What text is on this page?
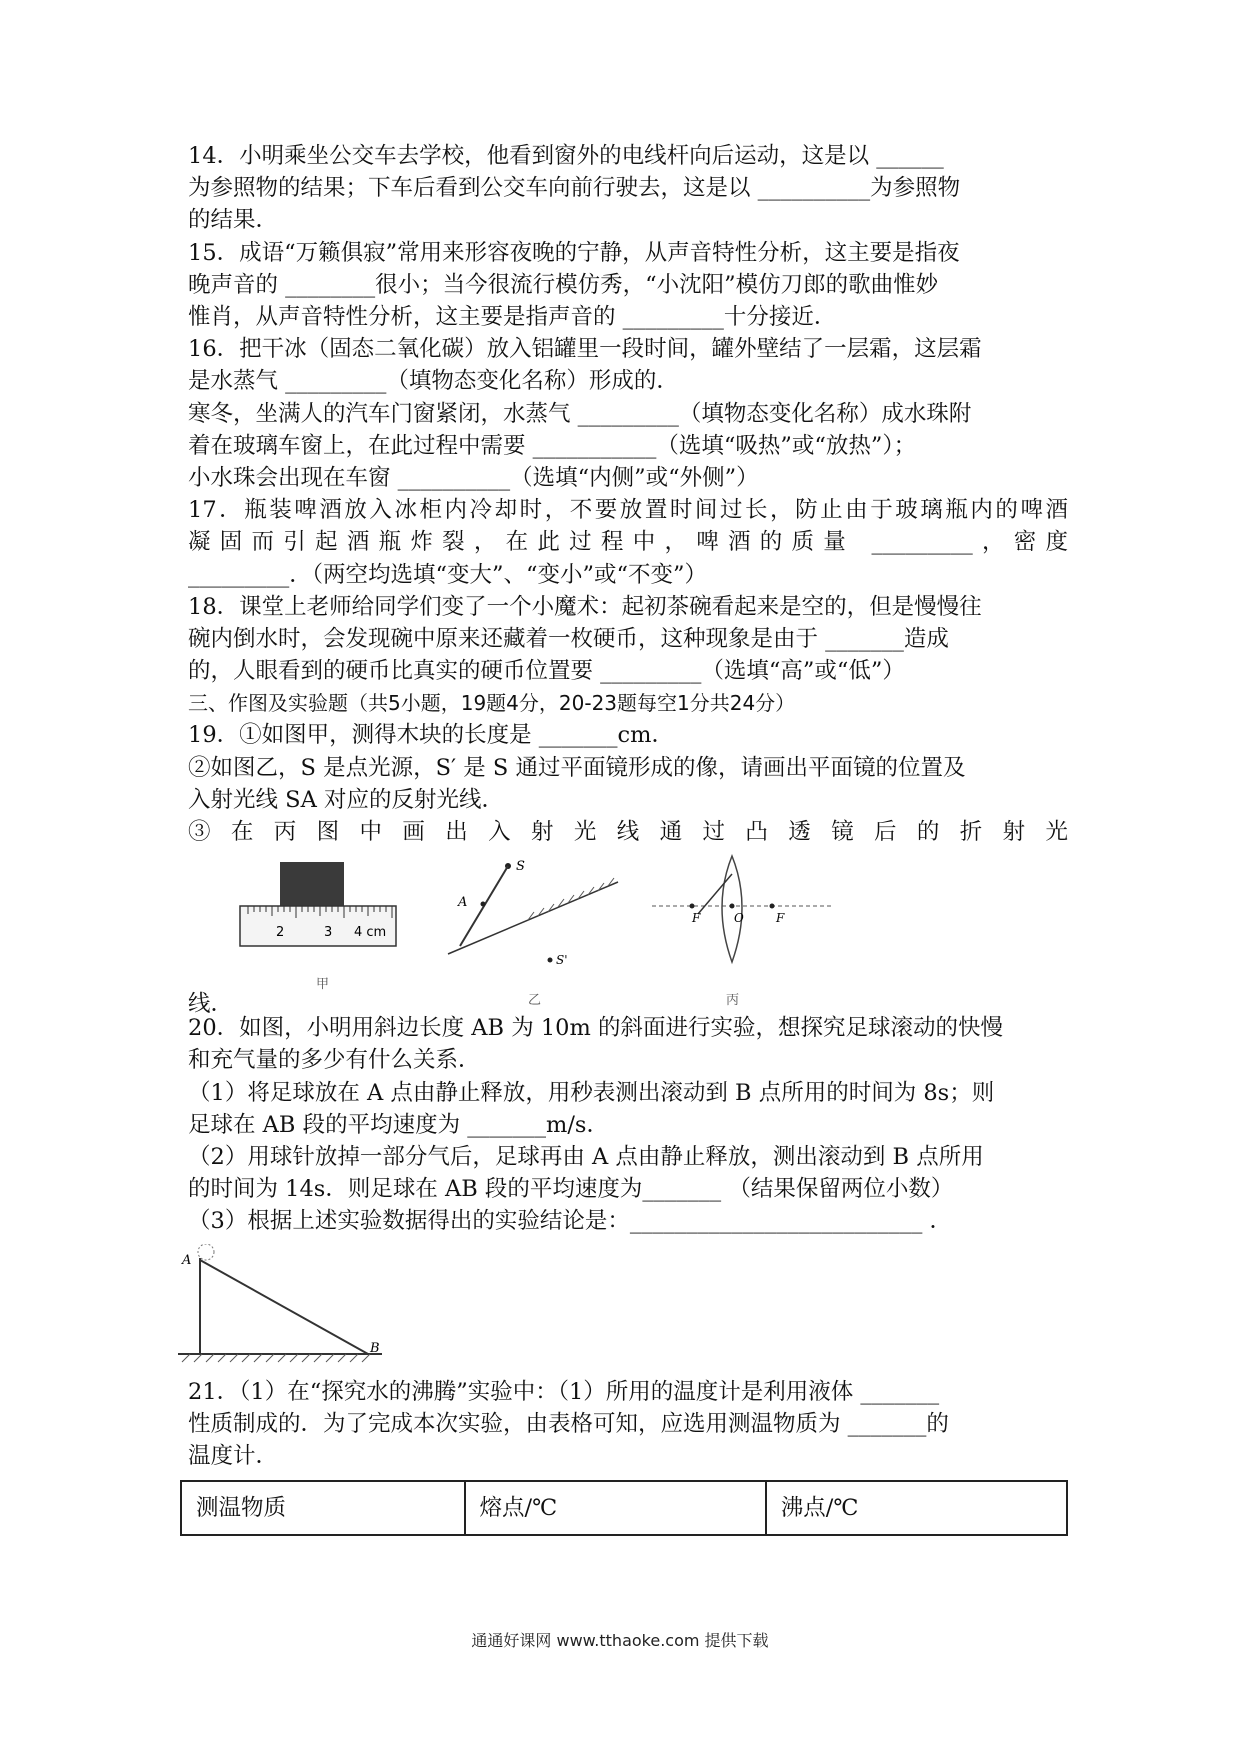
14．小明乘坐公交车去学校，他看到窗外的电线杆向后运动，这是以 ______
为参照物的结果；下车后看到公交车向前行驶去，这是以 __________为参照物
的结果．

15．成语“万籁俱寂”常用来形容夜晚的宁静，从声音特性分析，这主要是指夜
晚声音的 ________很小；当今很流行模仿秀，“小沈阳”模仿刀郎的歌曲惟妙
惟肖，从声音特性分析，这主要是指声音的 _________十分接近．

16．把干冰（固态二氧化碳）放入铝罐里一段时间，罐外壁结了一层霜，这层霜
是水蒸气 _________（填物态变化名称）形成的．
寒冬，坐满人的汽车门窗紧闭，水蒸气 _________（填物态变化名称）成水珠附
着在玻璃车窗上，在此过程中需要 ___________（选填“吸热”或“放热”）；
小水珠会出现在车窗 __________（选填“内侧”或“外侧”）

17．瓶装啤酒放入冰柜内冷却时，不要放置时间过长，防止由于玻璃瓶内的啤酒

凝固而引起酒瓶炸裂，在此过程中，啤酒的质量 _________，密度

_________．（两空均选填“变大”、“变小”或“不变”）

18．课堂上老师给同学们变了一个小魔术：起初茶碗看起来是空的，但是慢慢往
碗内倒水时，会发现碗中原来还藏着一枚硬币，这种现象是由于 _______造成
的，人眼看到的硬币比真实的硬币位置要 _________（选填“高”或“低”）

三、作图及实验题（共5小题，19题4分，20-23题每空1分共24分）

19．①如图甲，测得木块的长度是 _______cm．

②如图乙，S 是点光源，S′ 是 S 通过平面镜形成的像，请画出平面镜的位置及
入射光线 SA 对应的反射光线．

③ 在 丙 图 中 画 出 入 射 光 线 通 过 凸 透 镜 后 的 折 射 光

2	3 4 cm
甲
S
A
S'
乙
F	O	F
丙
线．

20．如图，小明用斜边长度 AB 为 10m 的斜面进行实验，想探究足球滚动的快慢
和充气量的多少有什么关系．
（1）将足球放在 A 点由静止释放，用秒表测出滚动到 B 点所用的时间为 8s；则
足球在 AB 段的平均速度为 _______m/s．
（2）用球针放掉一部分气后，足球再由 A 点由静止释放，测出滚动到 B 点所用
的时间为 14s．则足球在 AB 段的平均速度为_______ （结果保留两位小数）
（3）根据上述实验数据得出的实验结论是：__________________________ ．

A
B

21．（1）在“探究水的沸腾”实验中：（1）所用的温度计是利用液体 _______
性质制成的．为了完成本次实验，由表格可知，应选用测温物质为 _______的
温度计．

测温物质	熔点/℃	沸点/℃
通通好课网 www.tthaoke.com 提供下载
